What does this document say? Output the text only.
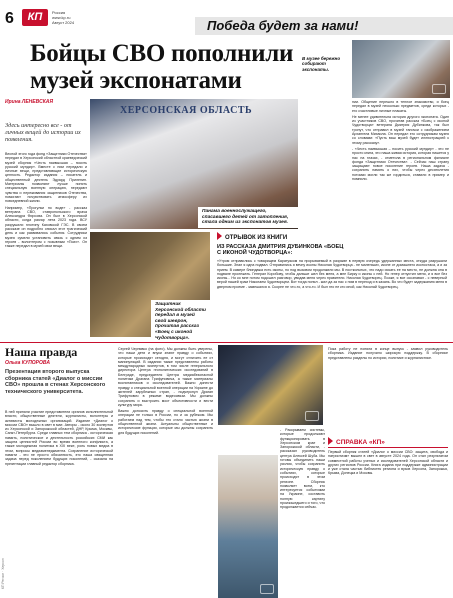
6	КП	Россия
www.kp.ru
Август 2024	Победа будет за нами!
Бойцы СВО пополнили
музей экспонатами
В музее бережно собирают экспонаты.
Ирина ЛЕНЕВСКАЯ
Здесь интересно все - от личных вещей до истории их появления.

Весной этого года фонд «Защитники Отечества» передал в Херсонский областной краеведческий музей сборник «Честь наивысшая – носить русский мундир». Вместе с ним передали и личные вещи, представляющие историческую ценность. Редактор издания – писатель и общественный деятель Эдуард Прилепин. Материалы позволяют лучше понять специальную военную операцию, передают чувства и переживания защитников Отечества, помогают почувствовать атмосферу их повседневной жизни.

Например, «Прогулки по воде» - рассказ ветерана СВО, ставропольского врача Александра Фирсова. Он был в Херсонской области, когда разгар лета 2023 года. ВСУ разрушили плотину Каховской ГЭС. В своем рассказе он подробно описал этот трагический день и как развивались события. Сотрудники музея сумели установить связь с одним из героев - волонтером с позывным «Псих». Он также передал в музей свои вещи.

ХЕРСОНСКАЯ ОБЛАСТЬ
Панама военнослужащего, спасавшего детей от затопления, стала одним из экспонатов музея.
Защитник Херсонской области передал в музей свой шеврон, прочитав рассказ «Боец с иконой Чудотворца».

нии. Общение перешло в теплое знакомство, и боец передал в музей несколько предметов, среди которых - его счастливые личные плакаты.

Не менее удивительна история другого экспоната. Один из участников СВО, прочитав рассказ «Боец с иконой Чудотворца» ветерана Дмитрия Дубинкова, так был тронут, что отправил в музей тапочки с изображением Архангела Михаила. Он передал его сотрудникам музея со словами: «Пусть ваш музей будет иллюстрацией к этому рассказу».

- «Честь наивысшая – носить русский мундир» - это не просто книга, это наша живая история, которая пишется у нас на глазах, - отметила в региональном филиале фонда «Защитники Отечества». - Сейчас наш страну защищают новое поколение героев. Наша задача - сохранить память о них, чтобы через десятилетия потомки могли так же гордиться, ставили в пример и помнили.

ОТРЫВОК ИЗ КНИГИ
ИЗ РАССКАЗА ДМИТРИЯ ДУБИНКОВА «БОЕЦ С ИКОНОЙ ЧУДОТВОРЦА»:
«Утром отправились с товарищем Каратуяком на прорываемый в разрыве в первую очередь удержанных места, откуда разрушали большие. Знал я одна подвал. Отправились я вечну иконы Николая Чудотворца - не маленьких, иконе от домашнего иконостаса, а и за прием. В камере блиндажа есть иконы, но под вызовом продолжили мы. В посткольных, что надо искать ее на место, не должна она в подвале пролежать. Генерал Коробову, чтобы дальше шел без меня, а мне Бирку и иконы с ней. Но генер отпустил меня, и я все без иконы... Но ко мне потом подошел разговор, увидав меня через правители. Николая Чудотворец. Позже, я все осознавал - с неверный верой нашей храм Николаем Чудотворцем. Вот тогда понял - жил да за нас с ним в переход и в казань. Во что будет задержанию меня в дверном проеме - замешался я. Скорее не что-то, а что-то. И был это не кто иной, как Николай Чудотворец.
Наша правда
Ольга КУПОРОВА
Презентация второго выпуска сборника статей «Диалог о миссии СВО» прошла в стенах Херсонского технического университета.
В ней приняли участие представители органов исполнительной власти, общественные деятели, журналисты, волонтеры и активисты молодежных организаций. Издание «Диалог о миссии СВО» вышло в свет в мае. Авторы - около 30 экспертов из Херсонской и Запорожской областей, ДНР, Крыма, Москвы, Санкт-Петербурга. Среди главных тем сборника - историческая память, политическое и деятельность российских СМИ как защита ценностей России во время военного конфликта, а также молодежная политика в XXI веке, роль новых медиа в этом, вопросы медиаменеджмента. Сохранение исторической памяти - это не просто обязанность, это наша священная задача перед поколением будущих поколений, - сказала на презентации главный редактор сборника.

Сергей Чернявко (на фото). Мы должны быть уверены, что наши дети и внуки знают правду о событиях, которые происходят сегодня, и могут отличить ее от манипуляций. В издании также представлены работы международных экспертов, в том числе генерального директора Центра геополитических исследований в Белграде, председателя Центра медиабезопасной политики Драгана Трифуновича, а также материалы воспитанников и исследователей. Важно донести правду о специальной военной операции на Украине до жителей зарубежных стран, - подчеркнул Драган Трифунович в режиме видеосвязи. Мы должны сохранить и выстроить мост объективности и вести культуру мира.

Важно доносить правду о специальной военной операции не только в России, но и за рубежом. Мы работаем над тем, чтобы это стало частью жизни в общественной жизни. Актуальны общественные и исторические функции, которые мы должны сохранить для будущих поколений.

- Раскрываем системы, которые продолжают функционировать в Херсонском крае и Запорожской области, - рассказал руководитель центра Алексей Шуба. Мы готовы объединить наши усилия, чтобы сохранить историческую правду о событиях, которые происходят в этом регионе. Сборник позволяет всем, кто интересуется событиями на Украине, составить полную картину произошедшего и того, что продолжается сейчас.
Пока работу не поняли в конце выпуск - заявил руководитель сборника. Издание получило широкую поддержку. В сборнике представлены разделы по истории, политике и журналистике.
СПРАВКА «КП»
Первый сборник статей «Диалог о миссии СВО: защита, свобода и патриотизм» вышел в свет в августе 2024 года. Он стал результатом совместной работы ученых и исследователей Херсонской области и других регионов России. Книга издана при поддержке администрации и уже стала частью библиотек региона и вузов Херсона, Запорожья, Крыма, Донецка и Москвы.
КП Регион · Херсон
